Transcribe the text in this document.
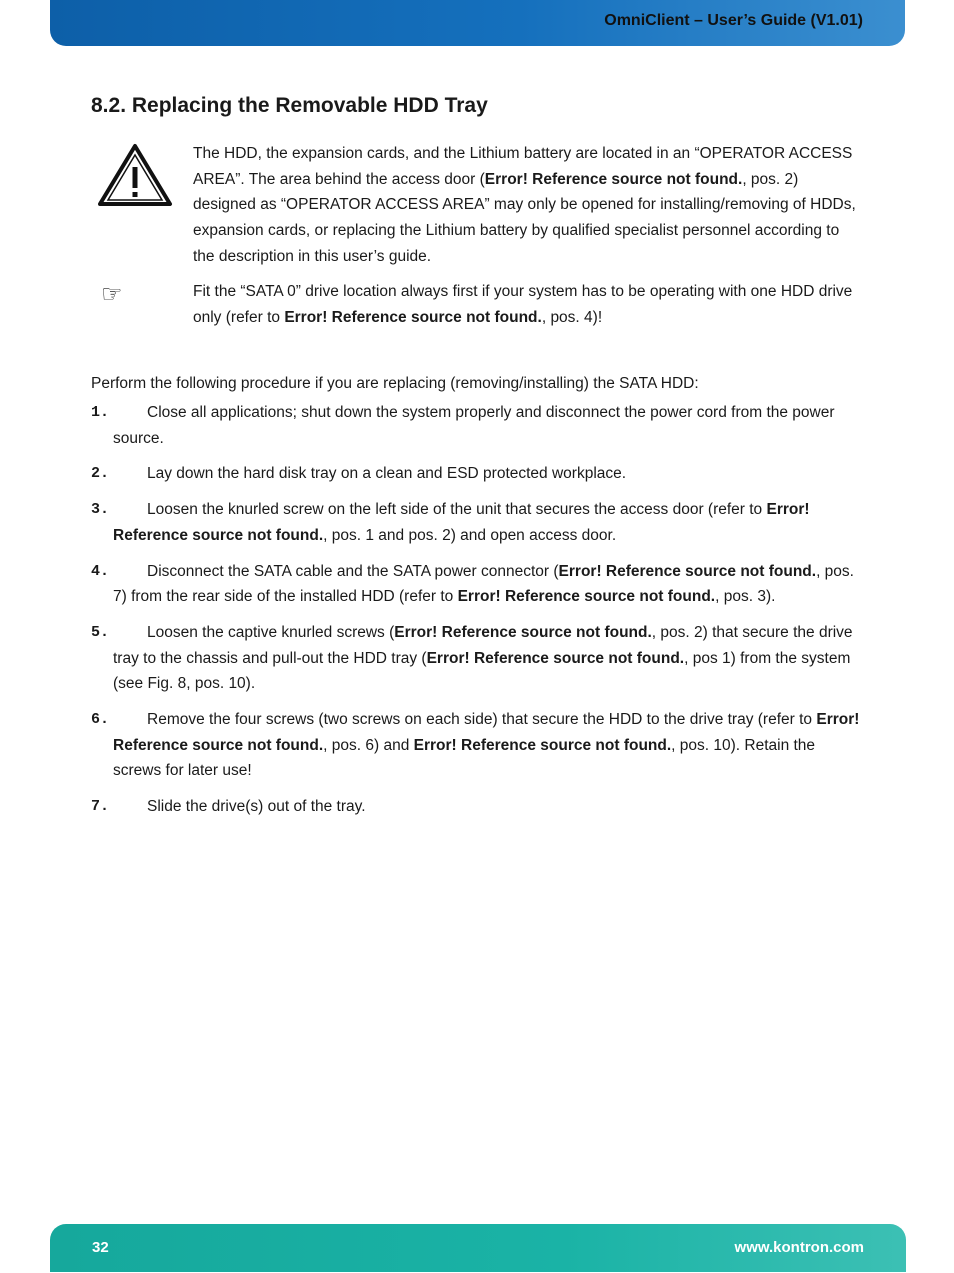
OmniClient – User’s Guide (V1.01)
8.2. Replacing the Removable HDD Tray
The HDD, the expansion cards, and the Lithium battery are located in an “OPERATOR ACCESS AREA”. The area behind the access door (Error! Reference source not found., pos. 2) designed as “OPERATOR ACCESS AREA” may only be opened for installing/removing of HDDs, expansion cards, or replacing the Lithium battery by qualified specialist personnel according to the description in this user’s guide.
☞	Fit the “SATA 0” drive location always first if your system has to be operating with one HDD drive only (refer to Error! Reference source not found., pos. 4)!
Perform the following procedure if you are replacing (removing/installing) the SATA HDD:
1. Close all applications; shut down the system properly and disconnect the power cord from the power source.
2. Lay down the hard disk tray on a clean and ESD protected workplace.
3. Loosen the knurled screw on the left side of the unit that secures the access door (refer to Error! Reference source not found., pos. 1 and pos. 2) and open access door.
4. Disconnect the SATA cable and the SATA power connector (Error! Reference source not found., pos. 7) from the rear side of the installed HDD (refer to Error! Reference source not found., pos. 3).
5. Loosen the captive knurled screws (Error! Reference source not found., pos. 2) that secure the drive tray to the chassis and pull-out the HDD tray (Error! Reference source not found., pos 1) from the system (see Fig. 8, pos. 10).
6. Remove the four screws (two screws on each side) that secure the HDD to the drive tray (refer to Error! Reference source not found., pos. 6) and Error! Reference source not found., pos. 10). Retain the screws for later use!
7. Slide the drive(s) out of the tray.
32	www.kontron.com
